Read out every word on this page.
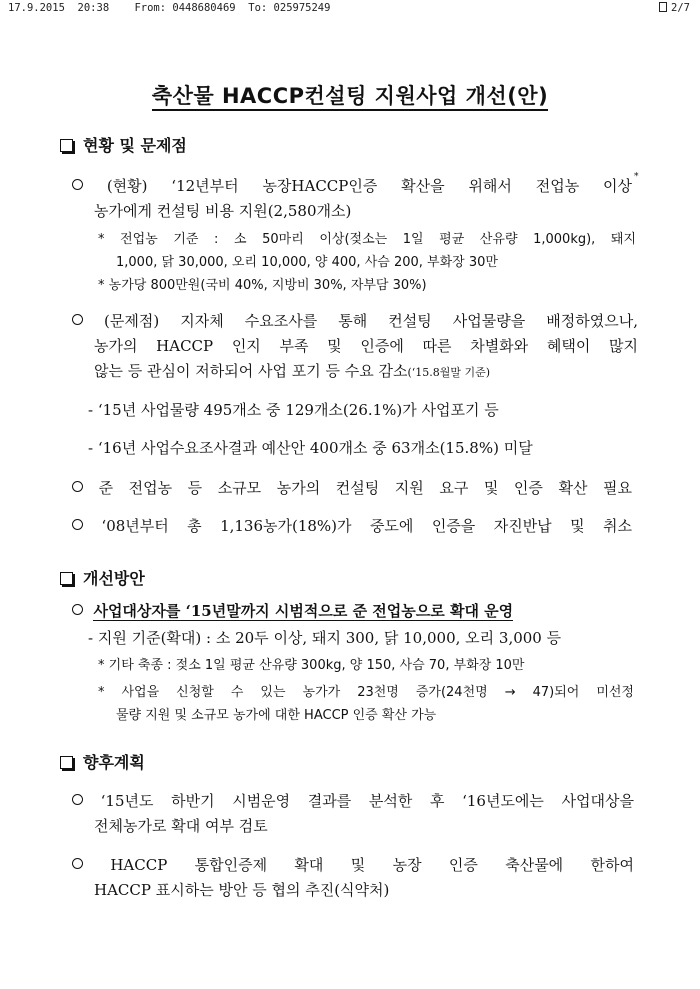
17.9.2015  20:38 From: 0448680469 To: 025975249

	2/7

축산물 HACCP컨설팅 지원사업 개선(안)
현황 및 문제점
(현황) ‘12년부터 농장HACCP인증 확산을 위해서 전업농 이상 *
농가에게 컨설팅 비용 지원(2,580개소)
* 전업농 기준 : 소 50마리 이상(젖소는 1일 평균 산유량 1,000kg), 돼지
1,000, 닭 30,000, 오리 10,000, 양 400, 사슴 200, 부화장 30만
* 농가당 800만원(국비 40%, 지방비 30%, 자부담 30%)
(문제점) 지자체 수요조사를 통해 컨설팅 사업물량을 배정하였으나,
농가의 HACCP 인지 부족 및 인증에 따른 차별화와 혜택이 많지
않는 등 관심이 저하되어 사업 포기 등 수요 감소(‘15.8월말 기준)
- ‘15년 사업물량 495개소 중 129개소(26.1%)가 사업포기 등
- ‘16년 사업수요조사결과 예산안 400개소 중 63개소(15.8%) 미달
준 전업농 등 소규모 농가의 컨설팅 지원 요구 및 인증 확산 필요
‘08년부터 총 1,136농가(18%)가 중도에 인증을 자진반납 및 취소
개선방안
사업대상자를 ‘15년말까지 시범적으로 준 전업농으로 확대 운영
- 지원 기준(확대) : 소 20두 이상, 돼지 300, 닭 10,000, 오리 3,000 등
* 기타 축종 : 젖소 1일 평균 산유량 300kg, 양 150, 사슴 70, 부화장 10만
* 사업을 신청할 수 있는 농가가 23천명 증가(24천명 → 47)되어 미선정
물량 지원 및 소규모 농가에 대한 HACCP 인증 확산 가능
향후계획
‘15년도 하반기 시범운영 결과를 분석한 후 ‘16년도에는 사업대상을
전체농가로 확대 여부 검토
HACCP 통합인증제 확대 및 농장 인증 축산물에 한하여
HACCP 표시하는 방안 등 협의 추진(식약처)
